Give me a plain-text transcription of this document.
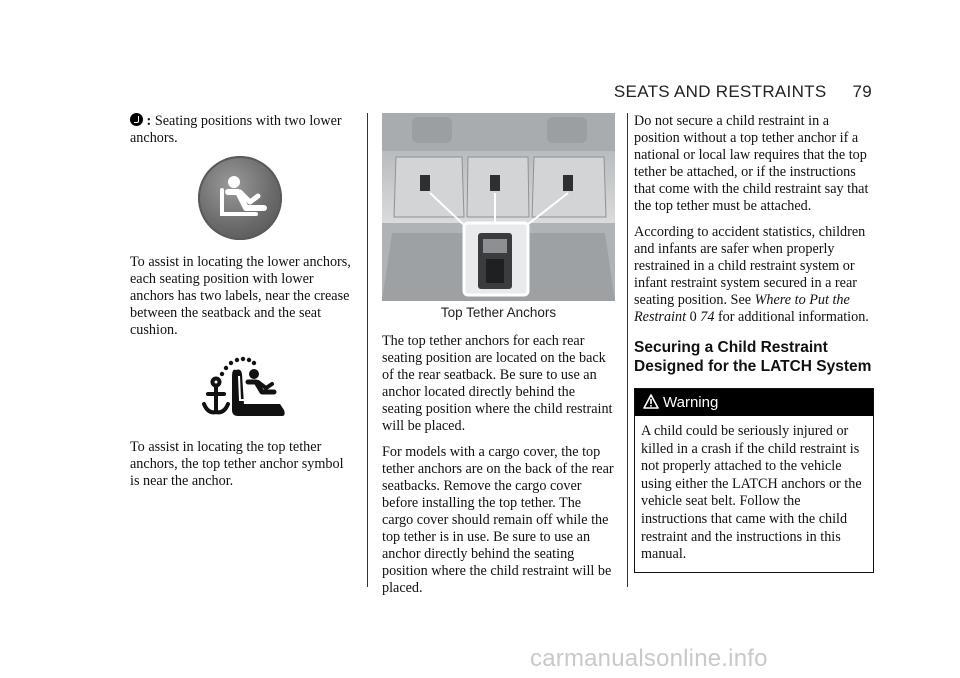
SEATS AND RESTRAINTS 79

: Seating positions with two lower anchors.

To assist in locating the lower anchors, each seating position with lower anchors has two labels, near the crease between the seatback and the seat cushion.

To assist in locating the top tether anchors, the top tether anchor symbol is near the anchor.

Top Tether Anchors

The top tether anchors for each rear seating position are located on the back of the rear seatback. Be sure to use an anchor located directly behind the seating position where the child restraint will be placed.

For models with a cargo cover, the top tether anchors are on the back of the rear seatbacks. Remove the cargo cover before installing the top tether. The cargo cover should remain off while the top tether is in use. Be sure to use an anchor directly behind the seating position where the child restraint will be placed.

Do not secure a child restraint in a position without a top tether anchor if a national or local law requires that the top tether be attached, or if the instructions that come with the child restraint say that the top tether must be attached.

According to accident statistics, children and infants are safer when properly restrained in a child restraint system or infant restraint system secured in a rear seating position. See Where to Put the Restraint 0 74 for additional information.

Securing a Child Restraint Designed for the LATCH System
Warning
A child could be seriously injured or killed in a crash if the child restraint is not properly attached to the vehicle using either the LATCH anchors or the vehicle seat belt. Follow the instructions that came with the child restraint and the instructions in this manual.
carmanualsonline.info
